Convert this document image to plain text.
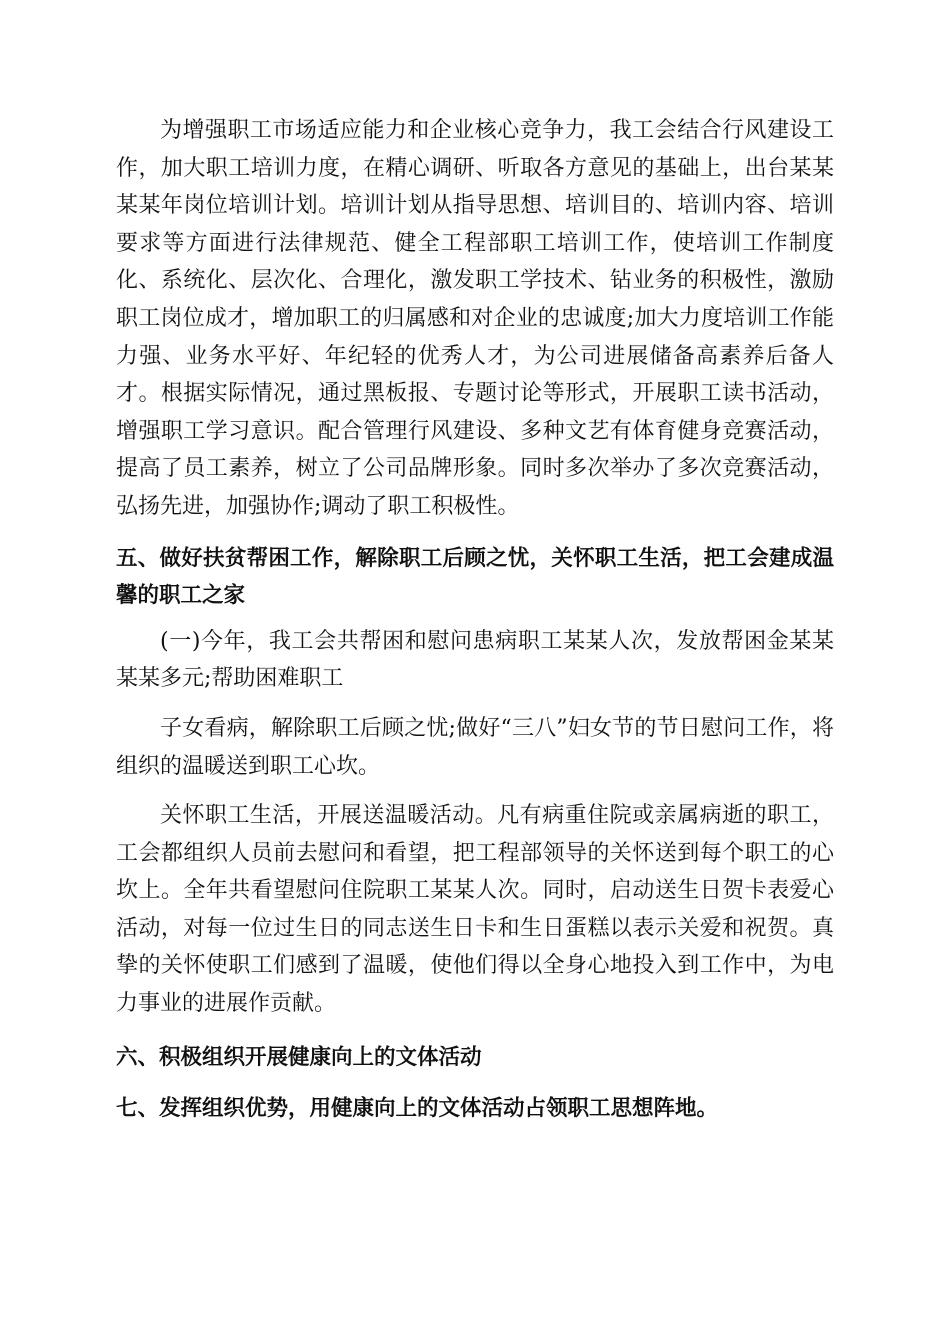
为增强职工市场适应能力和企业核心竞争力，我工会结合行风建设工作，加大职工培训力度，在精心调研、听取各方意见的基础上，出台某某某某年岗位培训计划。培训计划从指导思想、培训目的、培训内容、培训要求等方面进行法律规范、健全工程部职工培训工作，使培训工作制度化、系统化、层次化、合理化，激发职工学技术、钻业务的积极性，激励职工岗位成才，增加职工的归属感和对企业的忠诚度;加大力度培训工作能力强、业务水平好、年纪轻的优秀人才，为公司进展储备高素养后备人才。根据实际情况，通过黑板报、专题讨论等形式，开展职工读书活动，增强职工学习意识。配合管理行风建设、多种文艺有体育健身竞赛活动，提高了员工素养，树立了公司品牌形象。同时多次举办了多次竞赛活动，弘扬先进，加强协作;调动了职工积极性。

五、做好扶贫帮困工作，解除职工后顾之忧，关怀职工生活，把工会建成温馨的职工之家

(一)今年，我工会共帮困和慰问患病职工某某人次，发放帮困金某某某某多元;帮助困难职工

子女看病，解除职工后顾之忧;做好“三八”妇女节的节日慰问工作，将组织的温暖送到职工心坎。

关怀职工生活，开展送温暖活动。凡有病重住院或亲属病逝的职工，工会都组织人员前去慰问和看望，把工程部领导的关怀送到每个职工的心坎上。全年共看望慰问住院职工某某人次。同时，启动送生日贺卡表爱心活动，对每一位过生日的同志送生日卡和生日蛋糕以表示关爱和祝贺。真挚的关怀使职工们感到了温暖，使他们得以全身心地投入到工作中，为电力事业的进展作贡献。

六、积极组织开展健康向上的文体活动

七、发挥组织优势，用健康向上的文体活动占领职工思想阵地。
